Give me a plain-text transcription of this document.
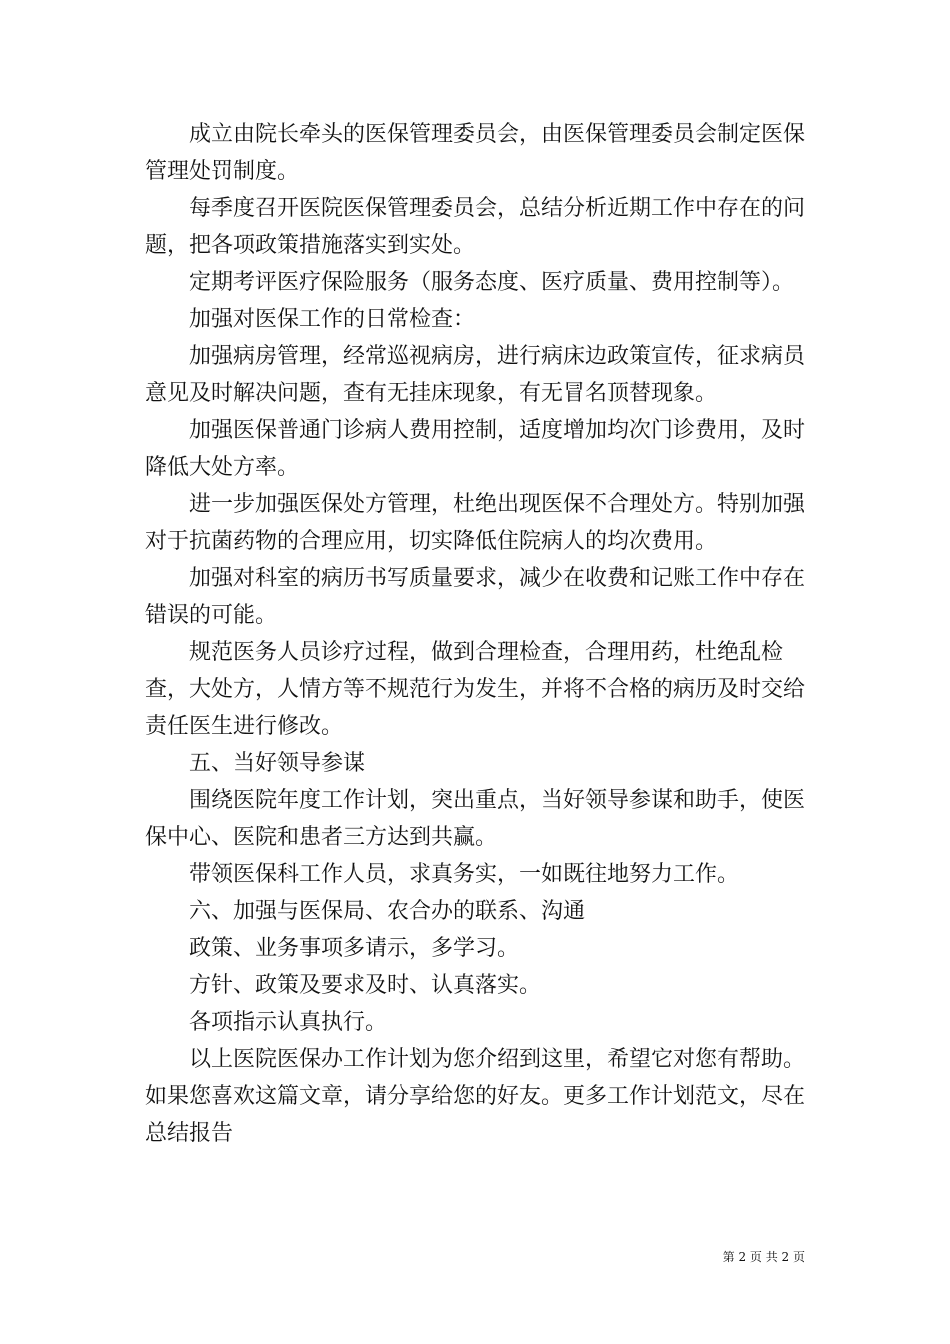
成立由院长牵头的医保管理委员会，由医保管理委员会制定医保管理处罚制度。

每季度召开医院医保管理委员会，总结分析近期工作中存在的问题，把各项政策措施落实到实处。

定期考评医疗保险服务（服务态度、医疗质量、费用控制等）。

加强对医保工作的日常检查：

加强病房管理，经常巡视病房，进行病床边政策宣传，征求病员意见及时解决问题，查有无挂床现象，有无冒名顶替现象。

加强医保普通门诊病人费用控制，适度增加均次门诊费用，及时降低大处方率。

进一步加强医保处方管理，杜绝出现医保不合理处方。特别加强对于抗菌药物的合理应用，切实降低住院病人的均次费用。

加强对科室的病历书写质量要求，减少在收费和记账工作中存在错误的可能。

规范医务人员诊疗过程，做到合理检查，合理用药，杜绝乱检查，大处方，人情方等不规范行为发生，并将不合格的病历及时交给责任医生进行修改。

五、当好领导参谋

围绕医院年度工作计划，突出重点，当好领导参谋和助手，使医保中心、医院和患者三方达到共赢。

带领医保科工作人员，求真务实，一如既往地努力工作。

六、加强与医保局、农合办的联系、沟通

政策、业务事项多请示，多学习。

方针、政策及要求及时、认真落实。

各项指示认真执行。

以上医院医保办工作计划为您介绍到这里，希望它对您有帮助。如果您喜欢这篇文章，请分享给您的好友。更多工作计划范文，尽在总结报告

第 2 页 共 2 页
